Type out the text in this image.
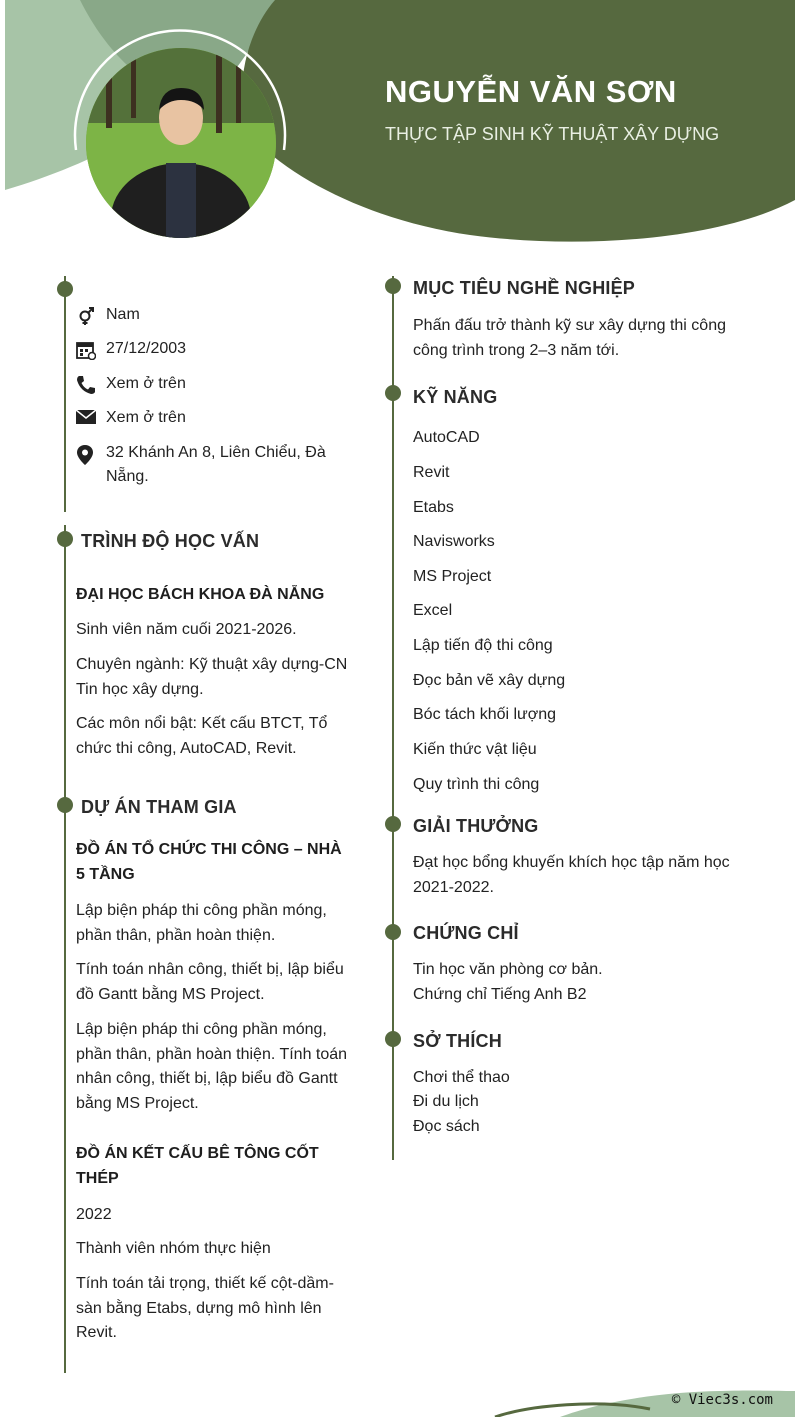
NGUYỄN VĂN SƠN
THỰC TẬP SINH KỸ THUẬT XÂY DỰNG
Nam
27/12/2003
Xem ở trên
Xem ở trên
32 Khánh An 8, Liên Chiểu, Đà Nẵng.
TRÌNH ĐỘ HỌC VẤN
ĐẠI HỌC BÁCH KHOA ĐÀ NẴNG
Sinh viên năm cuối 2021-2026.
Chuyên ngành: Kỹ thuật xây dựng-CN Tin học xây dựng.
Các môn nổi bật: Kết cấu BTCT, Tổ chức thi công, AutoCAD, Revit.
DỰ ÁN THAM GIA
ĐỒ ÁN TỔ CHỨC THI CÔNG – NHÀ 5 TẦNG
Lập biện pháp thi công phần móng, phần thân, phần hoàn thiện.
Tính toán nhân công, thiết bị, lập biểu đồ Gantt bằng MS Project.
Lập biện pháp thi công phần móng, phần thân, phần hoàn thiện. Tính toán nhân công, thiết bị, lập biểu đồ Gantt bằng MS Project.
ĐỒ ÁN KẾT CẤU BÊ TÔNG CỐT THÉP
2022
Thành viên nhóm thực hiện
Tính toán tải trọng, thiết kế cột-dầm-sàn bằng Etabs, dựng mô hình lên Revit.
MỤC TIÊU NGHỀ NGHIỆP
Phấn đấu trở thành kỹ sư xây dựng thi công công trình trong 2–3 năm tới.
KỸ NĂNG
AutoCAD
Revit
Etabs
Navisworks
MS Project
Excel
Lập tiến độ thi công
Đọc bản vẽ xây dựng
Bóc tách khối lượng
Kiến thức vật liệu
Quy trình thi công
GIẢI THƯỞNG
Đạt học bổng khuyến khích học tập năm học 2021-2022.
CHỨNG CHỈ
Tin học văn phòng cơ bản.
Chứng chỉ Tiếng Anh B2
SỞ THÍCH
Chơi thể thao
Đi du lịch
Đọc sách
© Viec3s.com
